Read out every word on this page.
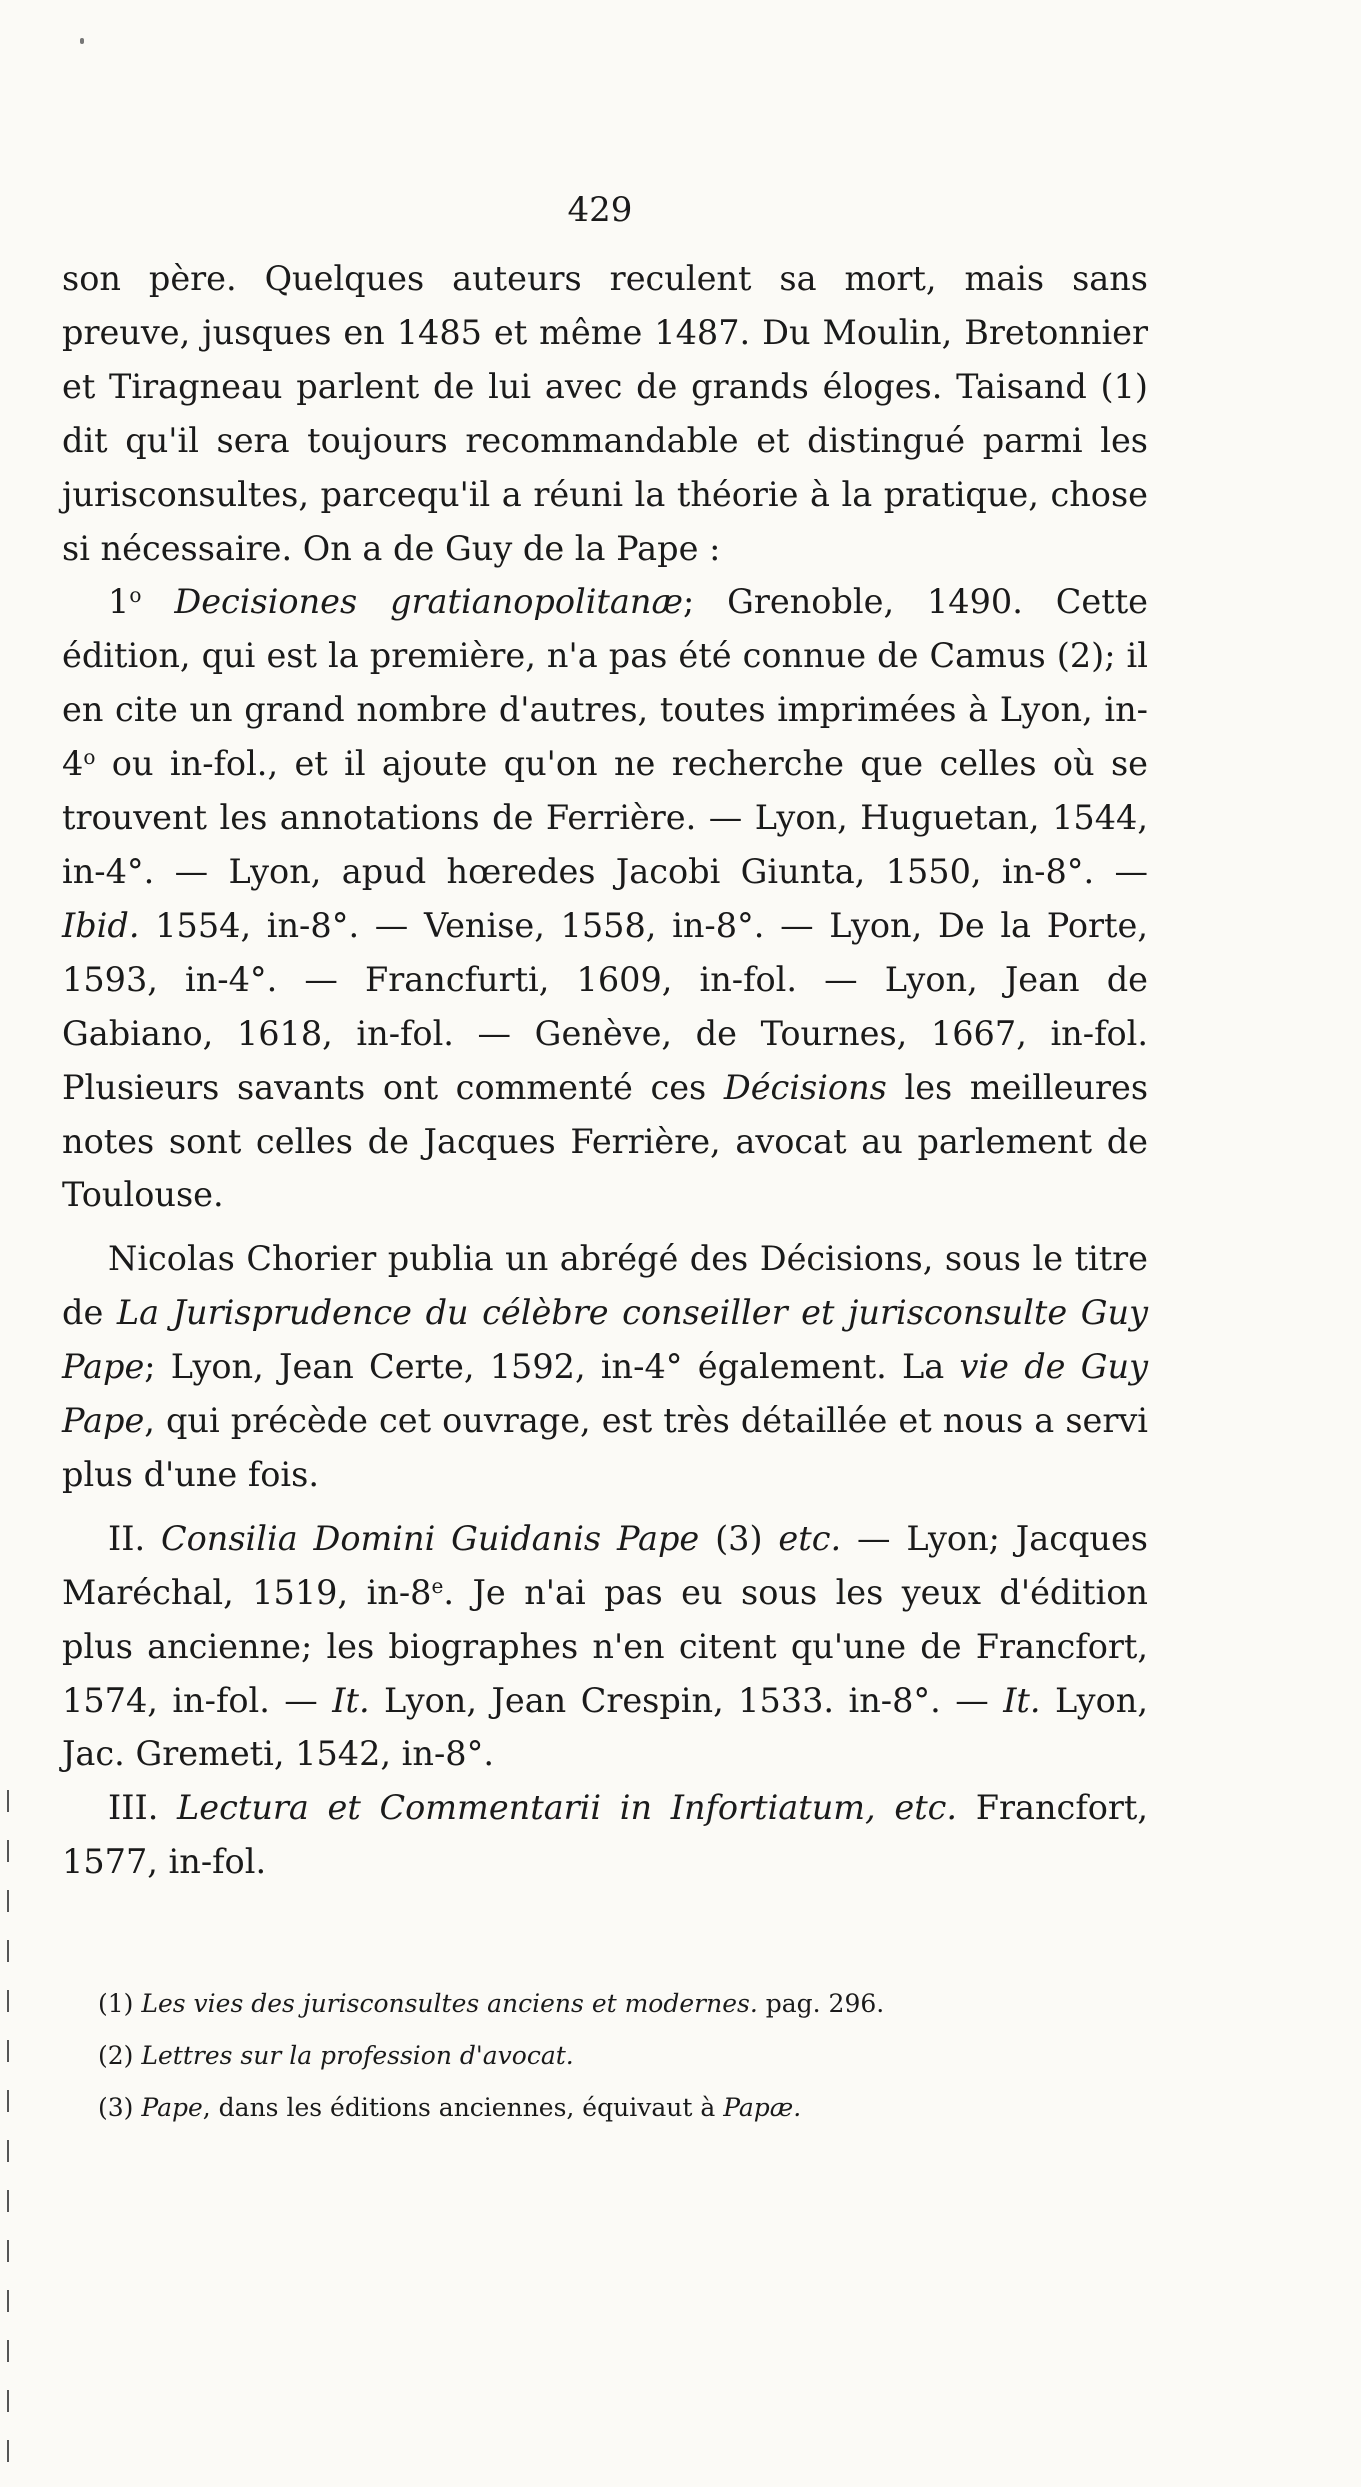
429

son père. Quelques auteurs reculent sa mort, mais sans preuve, jusques en 1485 et même 1487. Du Moulin, Bretonnier et Tiragneau parlent de lui avec de grands éloges. Taisand (1) dit qu'il sera toujours recommandable et distingué parmi les jurisconsultes, parcequ'il a réuni la théorie à la pratique, chose si nécessaire. On a de Guy de la Pape :

1$^o$ Decisiones gratianopolitanæ; Grenoble, 1490. Cette édition, qui est la première, n'a pas été connue de Camus (2); il en cite un grand nombre d'autres, toutes imprimées à Lyon, in-4$^o$ ou in-fol., et il ajoute qu'on ne recherche que celles où se trouvent les annotations de Ferrière. — Lyon, Huguetan, 1544, in-4°. — Lyon, apud hœredes Jacobi Giunta, 1550, in-8°. — Ibid. 1554, in-8°. — Venise, 1558, in-8°. — Lyon, De la Porte, 1593, in-4°. — Francfurti, 1609, in-fol. — Lyon, Jean de Gabiano, 1618, in-fol. — Genève, de Tournes, 1667, in-fol. Plusieurs savants ont commenté ces Décisions les meilleures notes sont celles de Jacques Ferrière, avocat au parlement de Toulouse.

Nicolas Chorier publia un abrégé des Décisions, sous le titre de La Jurisprudence du célèbre conseiller et jurisconsulte Guy Pape; Lyon, Jean Certe, 1592, in-4° également. La vie de Guy Pape, qui précède cet ouvrage, est très détaillée et nous a servi plus d'une fois.

II. Consilia Domini Guidanis Pape (3) etc. — Lyon; Jacques Maréchal, 1519, in-8e. Je n'ai pas eu sous les yeux d'édition plus ancienne; les biographes n'en citent qu'une de Francfort, 1574, in-fol. — It. Lyon, Jean Crespin, 1533. in-8°. — It. Lyon, Jac. Gremeti, 1542, in-8°.

III. Lectura et Commentarii in Infortiatum, etc. Francfort, 1577, in-fol.

(1) Les vies des jurisconsultes anciens et modernes. pag. 296.

(2) Lettres sur la profession d'avocat.

(3) Pape, dans les éditions anciennes, équivaut à Papæ.
